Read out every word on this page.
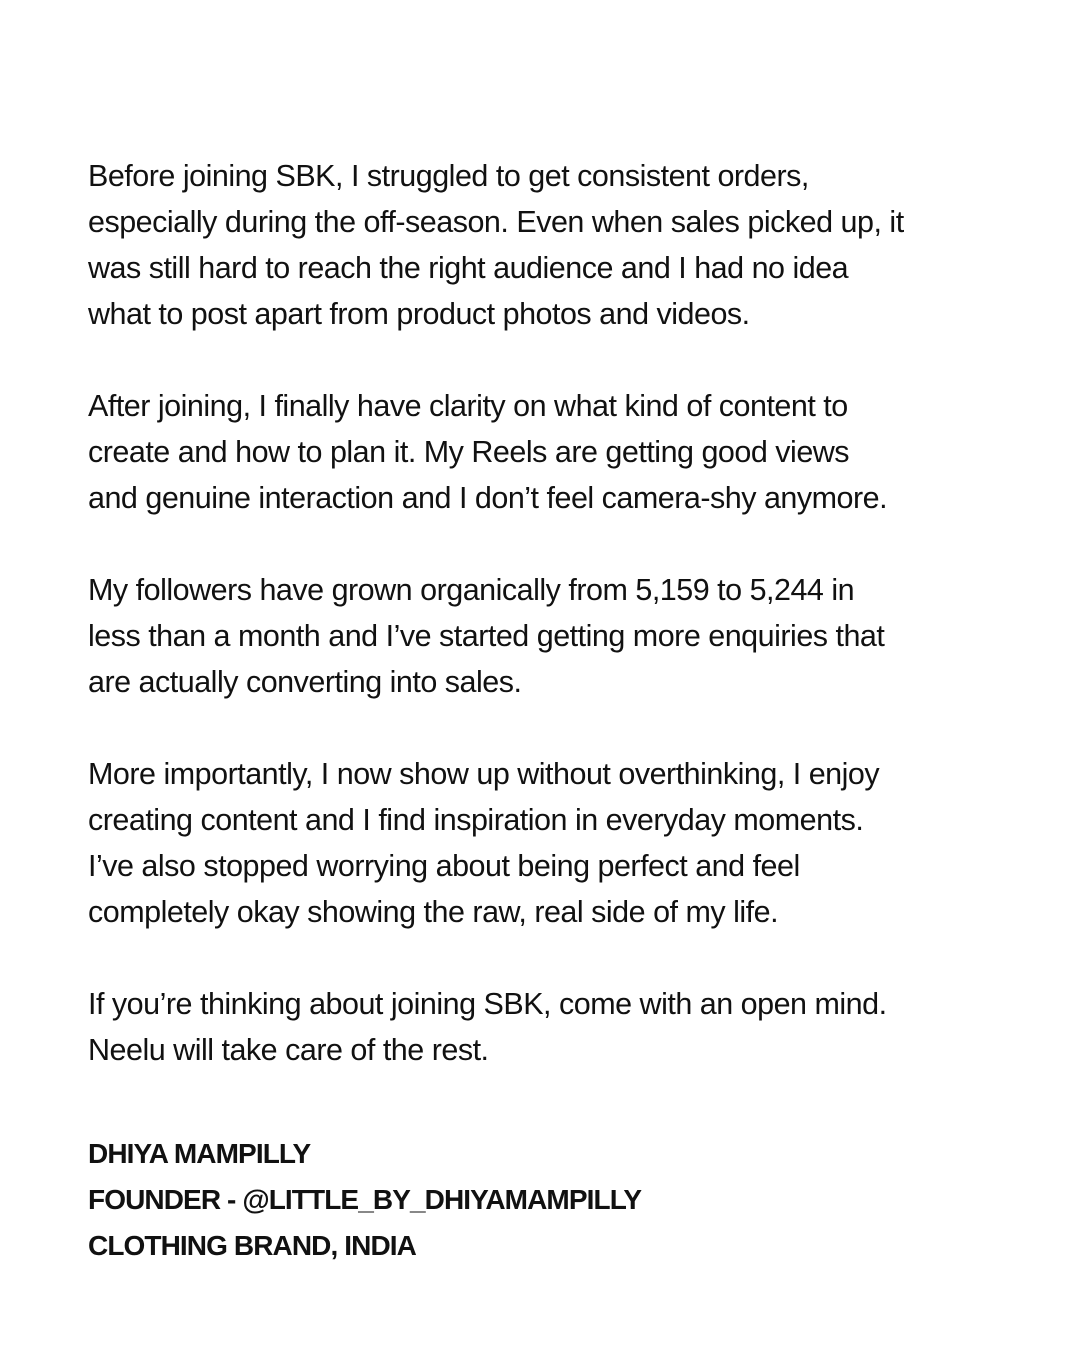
Before joining SBK, I struggled to get consistent orders,
especially during the off-season. Even when sales picked up, it
was still hard to reach the right audience and I had no idea
what to post apart from product photos and videos.

After joining, I finally have clarity on what kind of content to
create and how to plan it. My Reels are getting good views
and genuine interaction and I don’t feel camera-shy anymore.

My followers have grown organically from 5,159 to 5,244 in
less than a month and I’ve started getting more enquiries that
are actually converting into sales.

More importantly, I now show up without overthinking, I enjoy
creating content and I find inspiration in everyday moments.
I’ve also stopped worrying about being perfect and feel
completely okay showing the raw, real side of my life.

If you’re thinking about joining SBK, come with an open mind.
Neelu will take care of the rest.

DHIYA MAMPILLY
FOUNDER - @LITTLE_BY_DHIYAMAMPILLY
CLOTHING BRAND, INDIA
